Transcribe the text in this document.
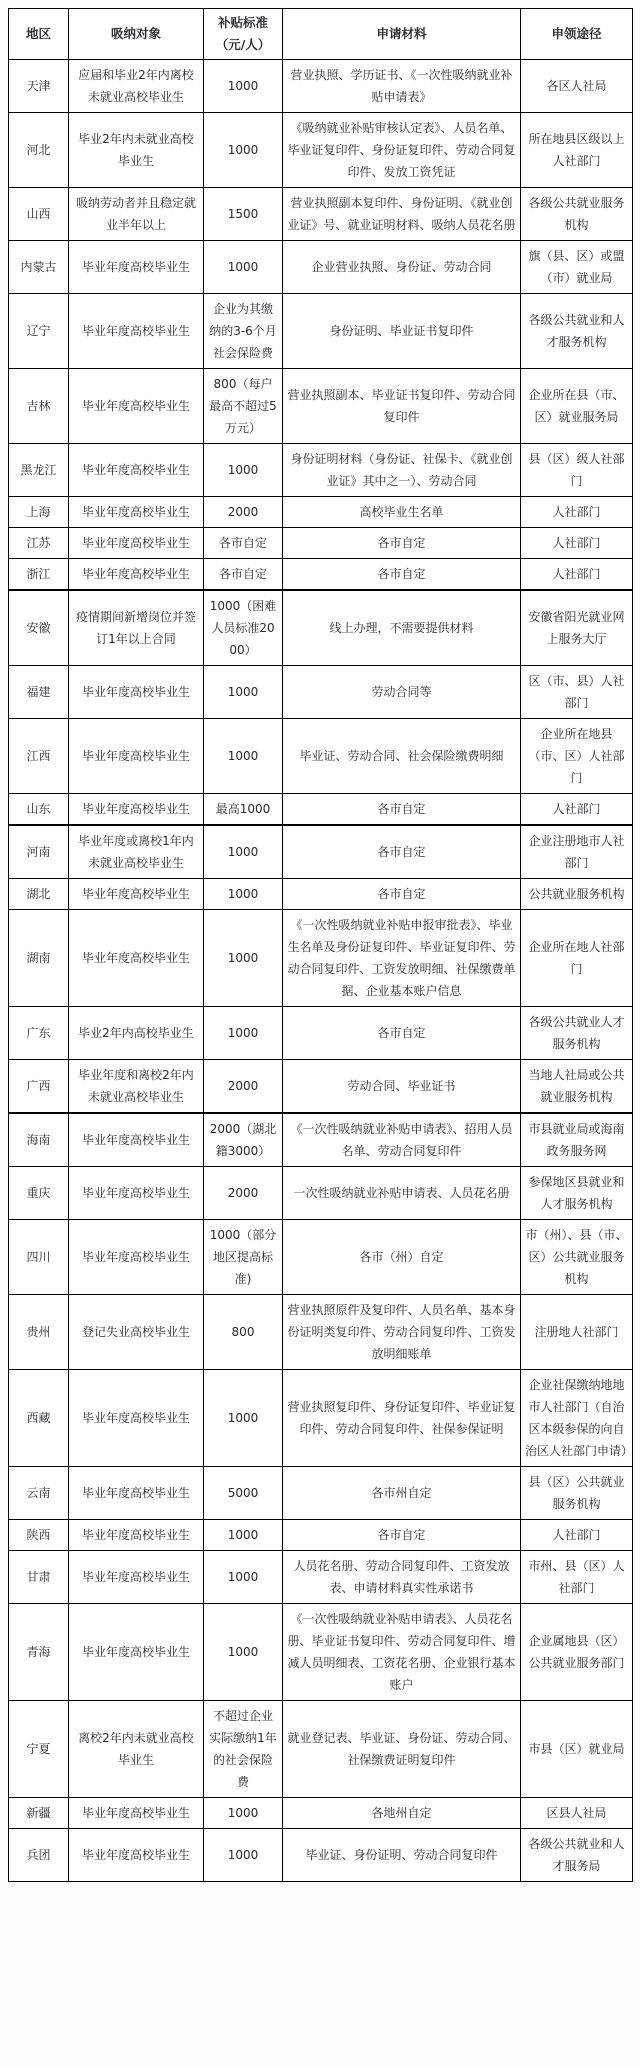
地区	吸纳对象	补贴标准（元/人）	申请材料	申领途径
天津	应届和毕业2年内离校未就业高校毕业生	1000	营业执照、学历证书、《一次性吸纳就业补贴申请表》	各区人社局
河北	毕业2年内未就业高校毕业生	1000	《吸纳就业补贴审核认定表》、人员名单、毕业证复印件、身份证复印件、劳动合同复印件、发放工资凭证	所在地县区级以上人社部门
山西	吸纳劳动者并且稳定就业半年以上	1500	营业执照副本复印件、身份证明、《就业创业证》号、就业证明材料、吸纳人员花名册	各级公共就业服务机构
内蒙古	毕业年度高校毕业生	1000	企业营业执照、身份证、劳动合同	旗（县、区）或盟（市）就业局
辽宁	毕业年度高校毕业生	企业为其缴纳的3-6个月社会保险费	身份证明、毕业证书复印件	各级公共就业和人才服务机构
吉林	毕业年度高校毕业生	800（每户最高不超过5万元）	营业执照副本、毕业证书复印件、劳动合同复印件	企业所在县（市、区）就业服务局
黑龙江	毕业年度高校毕业生	1000	身份证明材料（身份证、社保卡、《就业创业证》其中之一）、劳动合同	县（区）级人社部门
上海	毕业年度高校毕业生	2000	高校毕业生名单	人社部门
江苏	毕业年度高校毕业生	各市自定	各市自定	人社部门
浙江	毕业年度高校毕业生	各市自定	各市自定	人社部门
安徽	疫情期间新增岗位并签订1年以上合同	1000（困难人员标准2000）	线上办理，不需要提供材料	安徽省阳光就业网上服务大厅
福建	毕业年度高校毕业生	1000	劳动合同等	区（市、县）人社部门
江西	毕业年度高校毕业生	1000	毕业证、劳动合同、社会保险缴费明细	企业所在地县（市、区）人社部门
山东	毕业年度高校毕业生	最高1000	各市自定	人社部门
河南	毕业年度或离校1年内未就业高校毕业生	1000	各市自定	企业注册地市人社部门
湖北	毕业年度高校毕业生	1000	各市自定	公共就业服务机构
湖南	毕业年度高校毕业生	1000	《一次性吸纳就业补贴申报审批表》、毕业生名单及身份证复印件、毕业证复印件、劳动合同复印件、工资发放明细、社保缴费单据、企业基本账户信息	企业所在地人社部门
广东	毕业2年内高校毕业生	1000	各市自定	各级公共就业人才服务机构
广西	毕业年度和离校2年内未就业高校毕业生	2000	劳动合同、毕业证书	当地人社局或公共就业服务机构
海南	毕业年度高校毕业生	2000（湖北籍3000）	《一次性吸纳就业补贴申请表》、招用人员名单、劳动合同复印件	市县就业局或海南政务服务网
重庆	毕业年度高校毕业生	2000	一次性吸纳就业补贴申请表、人员花名册	参保地区县就业和人才服务机构
四川	毕业年度高校毕业生	1000（部分地区提高标准)	各市（州）自定	市（州）、县（市、区）公共就业服务机构
贵州	登记失业高校毕业生	800	营业执照原件及复印件、人员名单、基本身份证明类复印件、劳动合同复印件、工资发放明细账单	注册地人社部门
西藏	毕业年度高校毕业生	1000	营业执照复印件、身份证复印件、毕业证复印件、劳动合同复印件、社保参保证明	企业社保缴纳地地市人社部门（自治区本级参保的向自治区人社部门申请）
云南	毕业年度高校毕业生	5000	各市州自定	县（区）公共就业服务机构
陕西	毕业年度高校毕业生	1000	各市自定	人社部门
甘肃	毕业年度高校毕业生	1000	人员花名册、劳动合同复印件、工资发放表、申请材料真实性承诺书	市州、县（区）人社部门
青海	毕业年度高校毕业生	1000	《一次性吸纳就业补贴申请表》、人员花名册、毕业证书复印件、劳动合同复印件、增减人员明细表、工资花名册、企业银行基本账户	企业属地县（区）公共就业服务部门
宁夏	离校2年内未就业高校毕业生	不超过企业实际缴纳1年的社会保险费	就业登记表、毕业证、身份证、劳动合同、社保缴费证明复印件	市县（区）就业局
新疆	毕业年度高校毕业生	1000	各地州自定	区县人社局
兵团	毕业年度高校毕业生	1000	毕业证、身份证明、劳动合同复印件	各级公共就业和人才服务局
